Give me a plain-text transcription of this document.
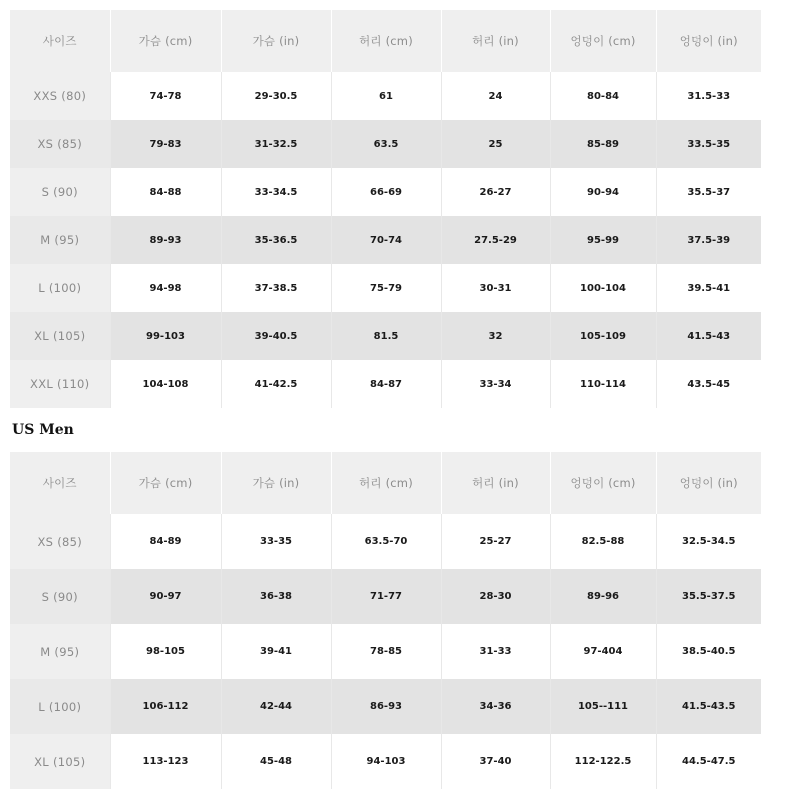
사이즈	가슴 (cm)	가슴 (in)	허리 (cm)	허리 (in)	엉덩이 (cm)	엉덩이 (in)
XXS (80)	74-78	29-30.5	61	24	80-84	31.5-33
XS (85)	79-83	31-32.5	63.5	25	85-89	33.5-35
S (90)	84-88	33-34.5	66-69	26-27	90-94	35.5-37
M (95)	89-93	35-36.5	70-74	27.5-29	95-99	37.5-39
L (100)	94-98	37-38.5	75-79	30-31	100-104	39.5-41
XL (105)	99-103	39-40.5	81.5	32	105-109	41.5-43
XXL (110)	104-108	41-42.5	84-87	33-34	110-114	43.5-45
US Men
사이즈	가슴 (cm)	가슴 (in)	허리 (cm)	허리 (in)	엉덩이 (cm)	엉덩이 (in)
XS (85)	84-89	33-35	63.5-70	25-27	82.5-88	32.5-34.5
S (90)	90-97	36-38	71-77	28-30	89-96	35.5-37.5
M (95)	98-105	39-41	78-85	31-33	97-404	38.5-40.5
L (100)	106-112	42-44	86-93	34-36	105--111	41.5-43.5
XL (105)	113-123	45-48	94-103	37-40	112-122.5	44.5-47.5
